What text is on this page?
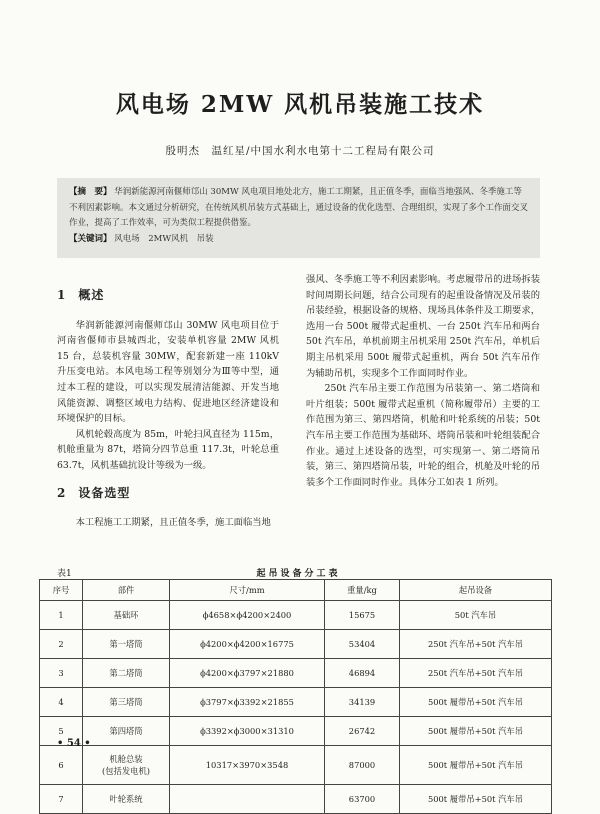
风电场 2MW 风机吊装施工技术
殷明杰　温红星/中国水利水电第十二工程局有限公司
【摘　要】 华润新能源河南偃师邙山 30MW 风电项目地处北方，施工工期紧，且正值冬季，面临当地强风、冬季施工等不利因素影响。本文通过分析研究，在传统风机吊装方式基础上，通过设备的优化选型、合理组织，实现了多个工作面交叉作业，提高了工作效率，可为类似工程提供借鉴。
【关键词】 风电场　2MW风机　吊装
1 概述

华润新能源河南偃师邙山 30MW 风电项目位于河南省偃师市县城西北，安装单机容量 2MW 风机 15 台，总装机容量 30MW，配套新建一座 110kV 升压变电站。本风电场工程等别划分为Ⅲ等中型，通过本工程的建设，可以实现发展清洁能源、开发当地风能资源、调整区域电力结构、促进地区经济建设和环境保护的目标。

风机轮毂高度为 85m，叶轮扫风直径为 115m，机舱重量为 87t，塔筒分四节总重 117.3t，叶轮总重 63.7t，风机基础抗设计等级为一级。

2 设备选型

本工程施工工期紧，且正值冬季，施工面临当地

强风、冬季施工等不利因素影响。考虑履带吊的进场拆装时间周期长问题，结合公司现有的起重设备情况及吊装的吊装经验，根据设备的规格、现场具体条件及工期要求，选用一台 500t 履带式起重机、一台 250t 汽车吊和两台 50t 汽车吊，单机前期主吊机采用 250t 汽车吊，单机后期主吊机采用 500t 履带式起重机，两台 50t 汽车吊作为辅助吊机，实现多个工作面同时作业。

250t 汽车吊主要工作范围为吊装第一、第二塔筒和叶片组装；500t 履带式起重机（简称履带吊）主要的工作范围为第三、第四塔筒，机舱和叶轮系统的吊装；50t 汽车吊主要工作范围为基础环、塔筒吊装和叶轮组装配合作业。通过上述设备的选型，可实现第一、第二塔筒吊装，第三、第四塔筒吊装，叶轮的组合，机舱及叶轮的吊装多个工作面同时作业。具体分工如表 1 所列。

表1	起吊设备分工表
序号	部件	尺寸/mm	重量/kg	起吊设备
1	基础环	ϕ4658×ϕ4200×2400	15675	50t 汽车吊
2	第一塔筒	ϕ4200×ϕ4200×16775	53404	250t 汽车吊+50t 汽车吊
3	第二塔筒	ϕ4200×ϕ3797×21880	46894	250t 汽车吊+50t 汽车吊
4	第三塔筒	ϕ3797×ϕ3392×21855	34139	500t 履带吊+50t 汽车吊
5	第四塔筒	ϕ3392×ϕ3000×31310	26742	500t 履带吊+50t 汽车吊
6	机舱总装
(包括发电机)	10317×3970×3548	87000	500t 履带吊+50t 汽车吊
7	叶轮系统		63700	500t 履带吊+50t 汽车吊
• 54 •
